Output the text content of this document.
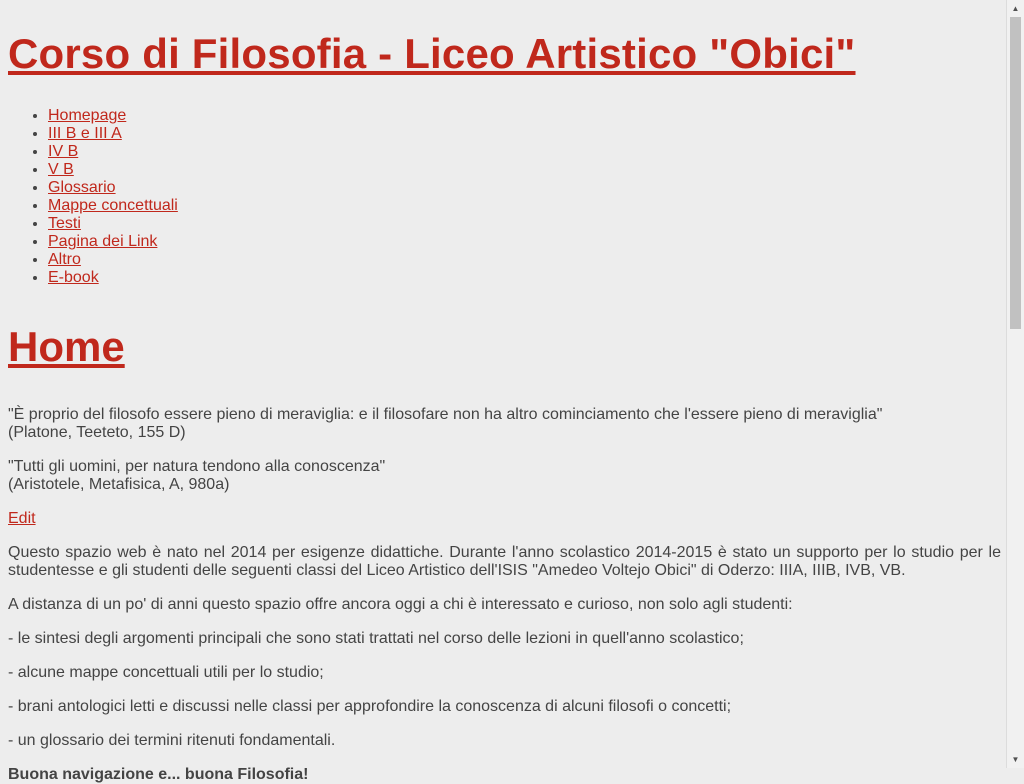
Corso di Filosofia - Liceo Artistico "Obici"
• Homepage
• III B e III A
• IV B
• V B
• Glossario
• Mappe concettuali
• Testi
• Pagina dei Link
• Altro
• E-book
Home

"È proprio del filosofo essere pieno di meraviglia: e il filosofare non ha altro cominciamento che l'essere pieno di meraviglia"
(Platone, Teeteto, 155 D)

"Tutti gli uomini, per natura tendono alla conoscenza"
(Aristotele, Metafisica, A, 980a)

Edit

Questo spazio web è nato nel 2014 per esigenze didattiche. Durante l'anno scolastico 2014-2015 è stato un supporto per lo studio per le studentesse e gli studenti delle seguenti classi del Liceo Artistico dell'ISIS "Amedeo Voltejo Obici" di Oderzo: IIIA, IIIB, IVB, VB.

A distanza di un po' di anni questo spazio offre ancora oggi a chi è interessato e curioso, non solo agli studenti:

- le sintesi degli argomenti principali che sono stati trattati nel corso delle lezioni in quell'anno scolastico;

- alcune mappe concettuali utili per lo studio;

- brani antologici letti e discussi nelle classi per approfondire la conoscenza di alcuni filosofi o concetti;

- un glossario dei termini ritenuti fondamentali.

Buona navigazione e... buona Filosofia!

▲
▼
